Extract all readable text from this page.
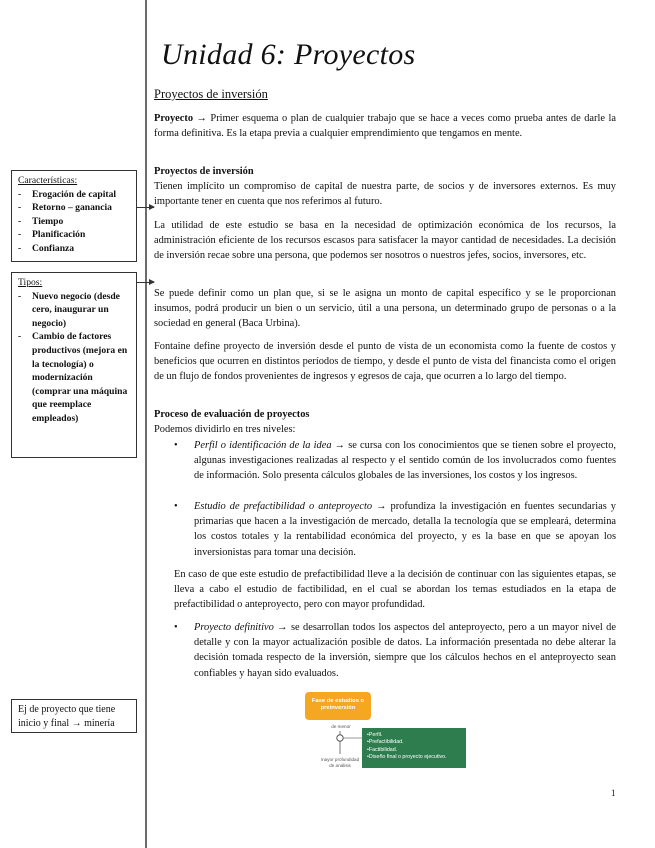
Unidad 6: Proyectos
Proyectos de inversión
Proyecto → Primer esquema o plan de cualquier trabajo que se hace a veces como prueba antes de darle la forma definitiva. Es la etapa previa a cualquier emprendimiento que tengamos en mente.
Proyectos de inversión
Tienen implícito un compromiso de capital de nuestra parte, de socios y de inversores externos. Es muy importante tener en cuenta que nos referimos al futuro.
La utilidad de este estudio se basa en la necesidad de optimización económica de los recursos, la administración eficiente de los recursos escasos para satisfacer la mayor cantidad de necesidades. La decisión de inversión recae sobre una persona, que podemos ser nosotros o nuestros jefes, socios, inversores, etc.
Se puede definir como un plan que, si se le asigna un monto de capital específico y se le proporcionan insumos, podrá producir un bien o un servicio, útil a una persona, un determinado grupo de personas o a la sociedad en general (Baca Urbina).
Fontaine define proyecto de inversión desde el punto de vista de un economista como la fuente de costos y beneficios que ocurren en distintos períodos de tiempo, y desde el punto de vista del financista como el origen de un flujo de fondos provenientes de ingresos y egresos de caja, que ocurren a lo largo del tiempo.
Proceso de evaluación de proyectos
Podemos dividirlo en tres niveles:
• Perfil o identificación de la idea → se cursa con los conocimientos que se tienen sobre el proyecto, algunas investigaciones realizadas al respecto y el sentido común de los involucrados como fuentes de información. Solo presenta cálculos globales de las inversiones, los costos y los ingresos.
• Estudio de prefactibilidad o anteproyecto → profundiza la investigación en fuentes secundarias y primarias que hacen a la investigación de mercado, detalla la tecnología que se empleará, determina los costos totales y la rentabilidad económica del proyecto, y es la base en que se apoyan los inversionistas para tomar una decisión.
En caso de que este estudio de prefactibilidad lleve a la decisión de continuar con las siguientes etapas, se lleva a cabo el estudio de factibilidad, en el cual se abordan los temas estudiados en la etapa de prefactibilidad o anteproyecto, pero con mayor profundidad.
• Proyecto definitivo → se desarrollan todos los aspectos del anteproyecto, pero a un mayor nivel de detalle y con la mayor actualización posible de datos. La información presentada no debe alterar la decisión tomada respecto de la inversión, siempre que los cálculos hechos en el anteproyecto sean confiables y hayan sido evaluados.
Características:
- Erogación de capital
- Retorno – ganancia
- Tiempo
- Planificación
- Confianza
Tipos:
- Nuevo negocio (desde cero, inaugurar un negocio)
- Cambio de factores productivos (mejora en la tecnología) o modernización (comprar una máquina que reemplace empleados)
Ej de proyecto que tiene inicio y final → minería
Fase de estudios o preinversión
de menor
mayor profundidad de análisis
• Perfil.
• Prefactibilidad.
• Factibilidad.
• Diseño final o proyecto ejecutivo.
1
